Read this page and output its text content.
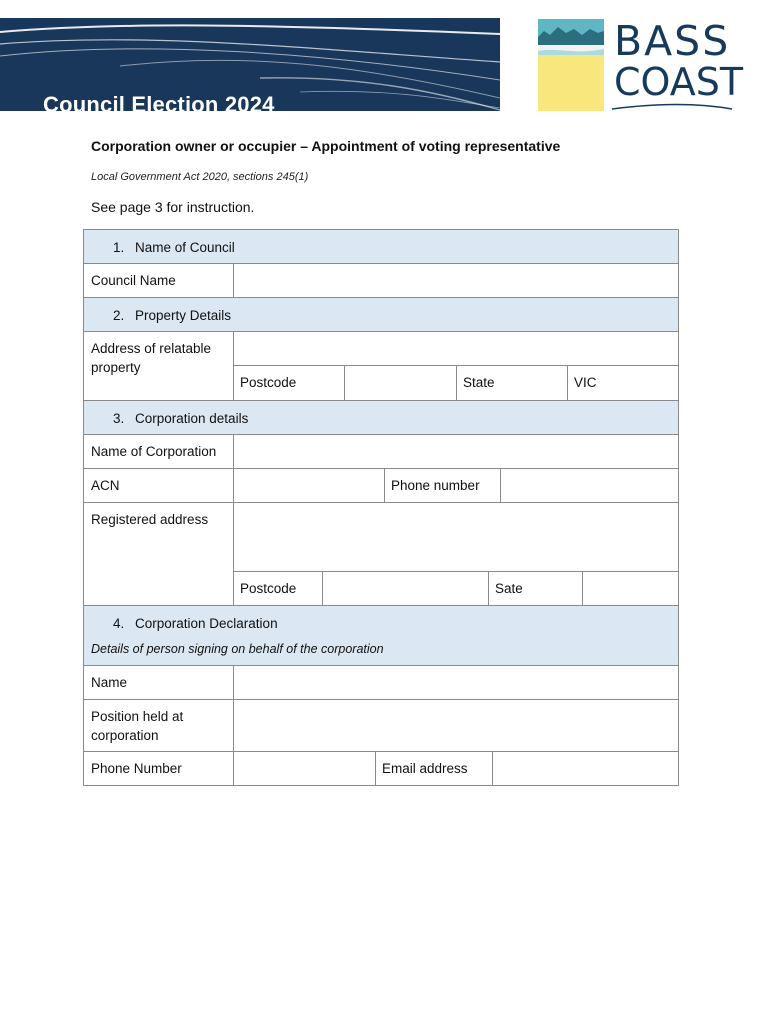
Council Election 2024
BASS
COAST
Corporation owner or occupier – Appointment of voting representative
Local Government Act 2020, sections 245(1)
See page 3 for instruction.
1. Name of Council
Council Name
2. Property Details
Address of relatable property
Postcode	State	VIC
3. Corporation details
Name of Corporation
ACN	Phone number
Registered address
Postcode	Sate
4. Corporation Declaration
Details of person signing on behalf of the corporation
Name
Position held at corporation
Phone Number	Email address
